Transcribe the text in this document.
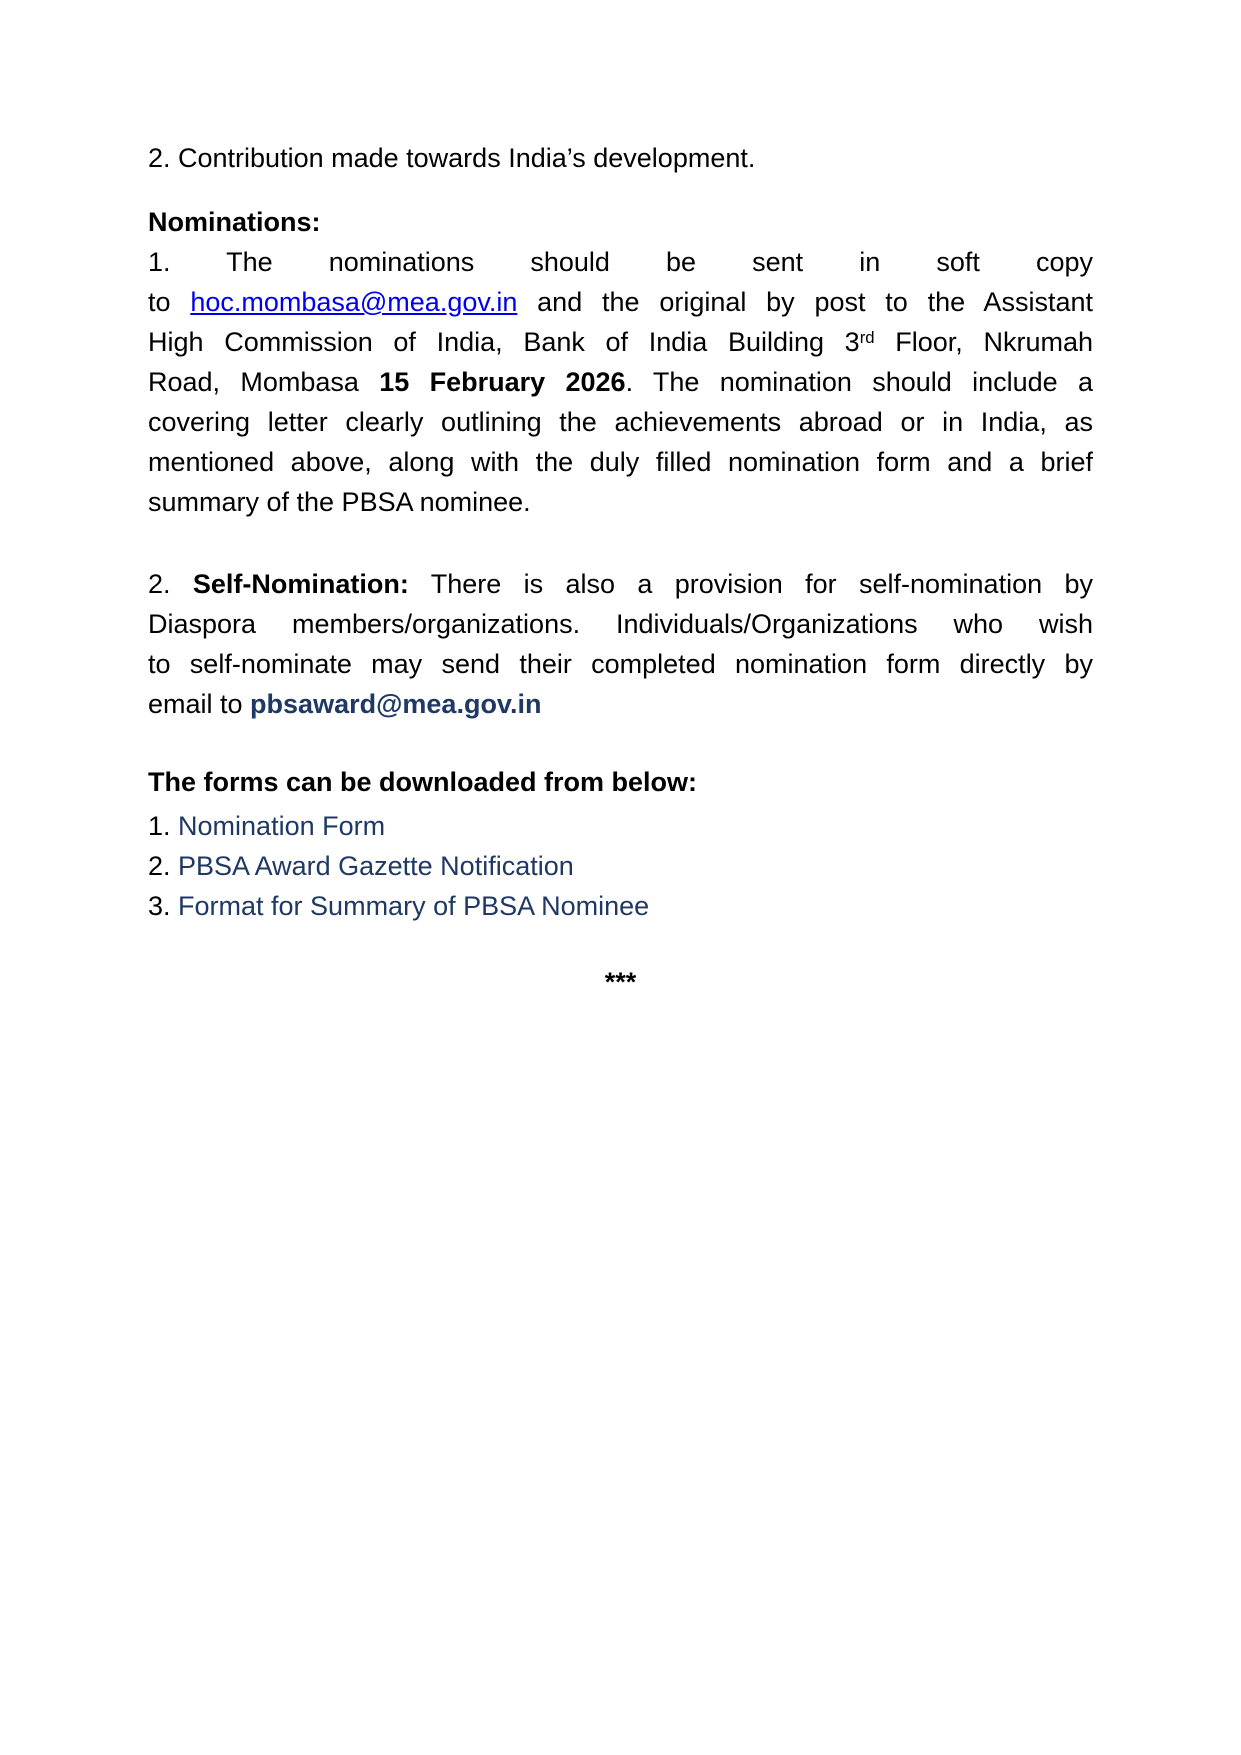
2. Contribution made towards India’s development.
Nominations:
1. The nominations should be sent in soft copy
to hoc.mombasa@mea.gov.in and the original by post to the Assistant
High Commission of India, Bank of India Building 3rd Floor, Nkrumah
Road, Mombasa 15 February 2026. The nomination should include a
covering letter clearly outlining the achievements abroad or in India, as
mentioned above, along with the duly filled nomination form and a brief
summary of the PBSA nominee.
2. Self-Nomination: There is also a provision for self-nomination by
Diaspora members/organizations. Individuals/Organizations who wish
to self-nominate may send their completed nomination form directly by
email to pbsaward@mea.gov.in
The forms can be downloaded from below:
1. Nomination Form
2. PBSA Award Gazette Notification
3. Format for Summary of PBSA Nominee
***
